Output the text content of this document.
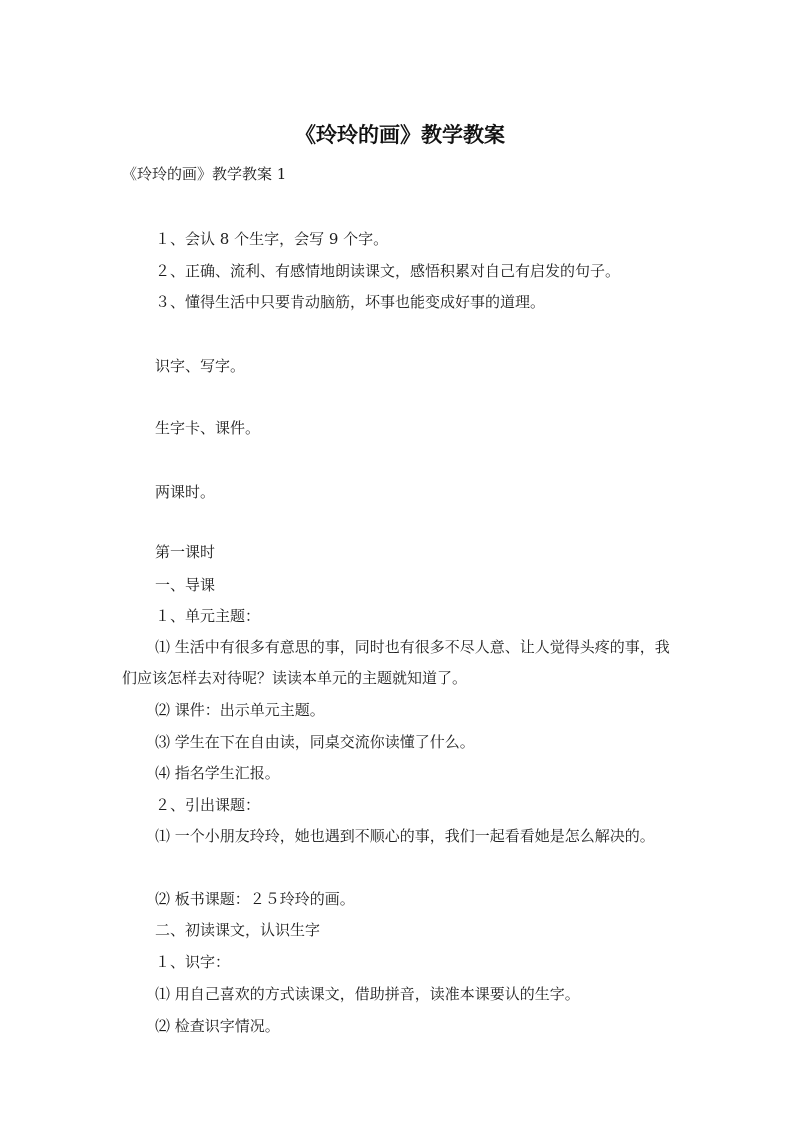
《玲玲的画》教学教案
《玲玲的画》教学教案 1
１、会认 8 个生字，会写 9 个字。
２、正确、流利、有感情地朗读课文，感悟积累对自己有启发的句子。
３、懂得生活中只要肯动脑筋，坏事也能变成好事的道理。
识字、写字。
生字卡、课件。
两课时。
第一课时
一、导课
１、单元主题：
⑴ 生活中有很多有意思的事，同时也有很多不尽人意、让人觉得头疼的事，我们应该怎样去对待呢？读读本单元的主题就知道了。
⑵ 课件：出示单元主题。
⑶ 学生在下在自由读，同桌交流你读懂了什么。
⑷ 指名学生汇报。
２、引出课题：
⑴ 一个小朋友玲玲，她也遇到不顺心的事，我们一起看看她是怎么解决的。
⑵ 板书课题：２５玲玲的画。
二、初读课文，认识生字
１、识字：
⑴ 用自己喜欢的方式读课文，借助拼音，读准本课要认的生字。
⑵ 检查识字情况。
